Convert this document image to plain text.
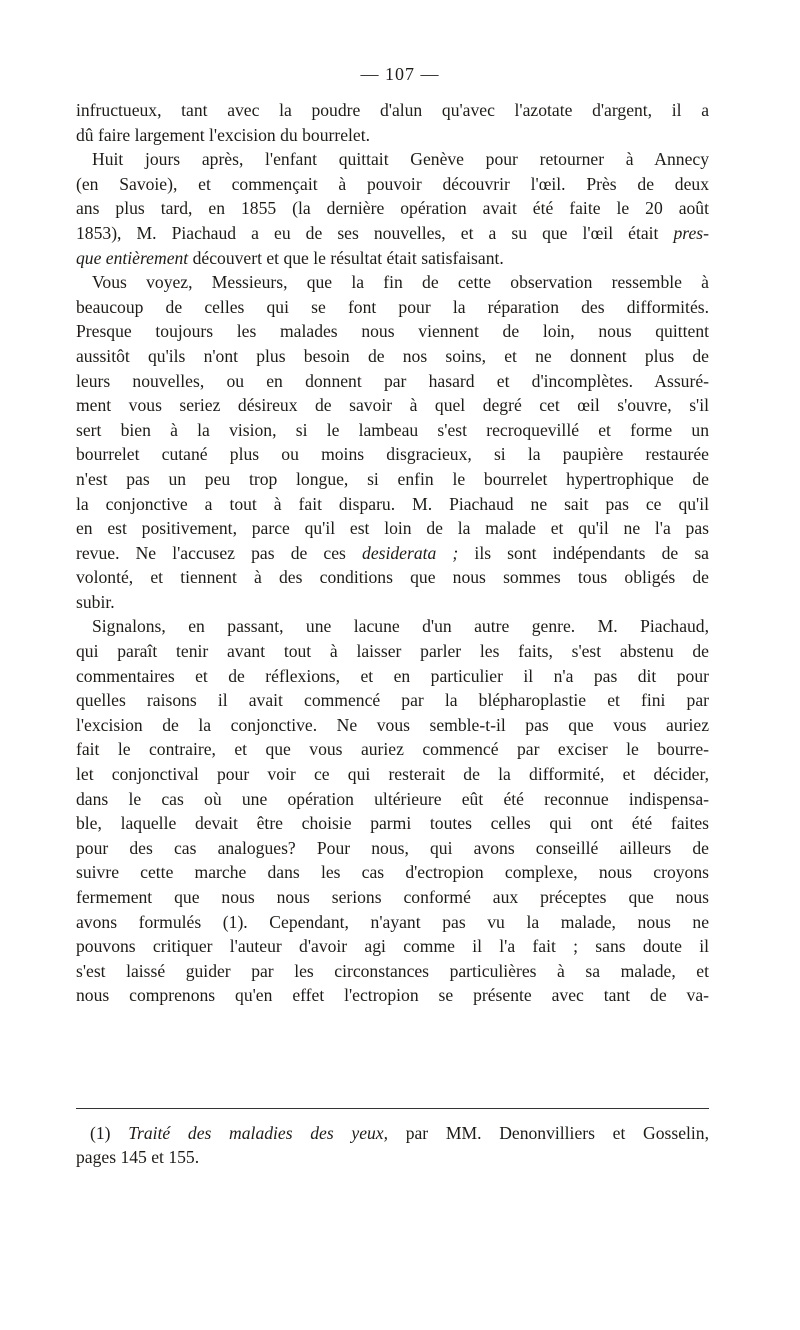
— 107 —
infructueux, tant avec la poudre d'alun qu'avec l'azotate d'argent, il a
dû faire largement l'excision du bourrelet.
Huit jours après, l'enfant quittait Genève pour retourner à Annecy
(en Savoie), et commençait à pouvoir découvrir l'œil. Près de deux
ans plus tard, en 1855 (la dernière opération avait été faite le 20 août
1853), M. Piachaud a eu de ses nouvelles, et a su que l'œil était pres-
que entièrement découvert et que le résultat était satisfaisant.
Vous voyez, Messieurs, que la fin de cette observation ressemble à
beaucoup de celles qui se font pour la réparation des difformités.
Presque toujours les malades nous viennent de loin, nous quittent
aussitôt qu'ils n'ont plus besoin de nos soins, et ne donnent plus de
leurs nouvelles, ou en donnent par hasard et d'incomplètes. Assuré-
ment vous seriez désireux de savoir à quel degré cet œil s'ouvre, s'il
sert bien à la vision, si le lambeau s'est recroquevillé et forme un
bourrelet cutané plus ou moins disgracieux, si la paupière restaurée
n'est pas un peu trop longue, si enfin le bourrelet hypertrophique de
la conjonctive a tout à fait disparu. M. Piachaud ne sait pas ce qu'il
en est positivement, parce qu'il est loin de la malade et qu'il ne l'a pas
revue. Ne l'accusez pas de ces desiderata ; ils sont indépendants de sa
volonté, et tiennent à des conditions que nous sommes tous obligés de
subir.
Signalons, en passant, une lacune d'un autre genre. M. Piachaud,
qui paraît tenir avant tout à laisser parler les faits, s'est abstenu de
commentaires et de réflexions, et en particulier il n'a pas dit pour
quelles raisons il avait commencé par la blépharoplastie et fini par
l'excision de la conjonctive. Ne vous semble-t-il pas que vous auriez
fait le contraire, et que vous auriez commencé par exciser le bourre-
let conjonctival pour voir ce qui resterait de la difformité, et décider,
dans le cas où une opération ultérieure eût été reconnue indispensa-
ble, laquelle devait être choisie parmi toutes celles qui ont été faites
pour des cas analogues? Pour nous, qui avons conseillé ailleurs de
suivre cette marche dans les cas d'ectropion complexe, nous croyons
fermement que nous nous serions conformé aux préceptes que nous
avons formulés (1). Cependant, n'ayant pas vu la malade, nous ne
pouvons critiquer l'auteur d'avoir agi comme il l'a fait ; sans doute il
s'est laissé guider par les circonstances particulières à sa malade, et
nous comprenons qu'en effet l'ectropion se présente avec tant de va-
(1) Traité des maladies des yeux, par MM. Denonvilliers et Gosselin,
pages 145 et 155.
